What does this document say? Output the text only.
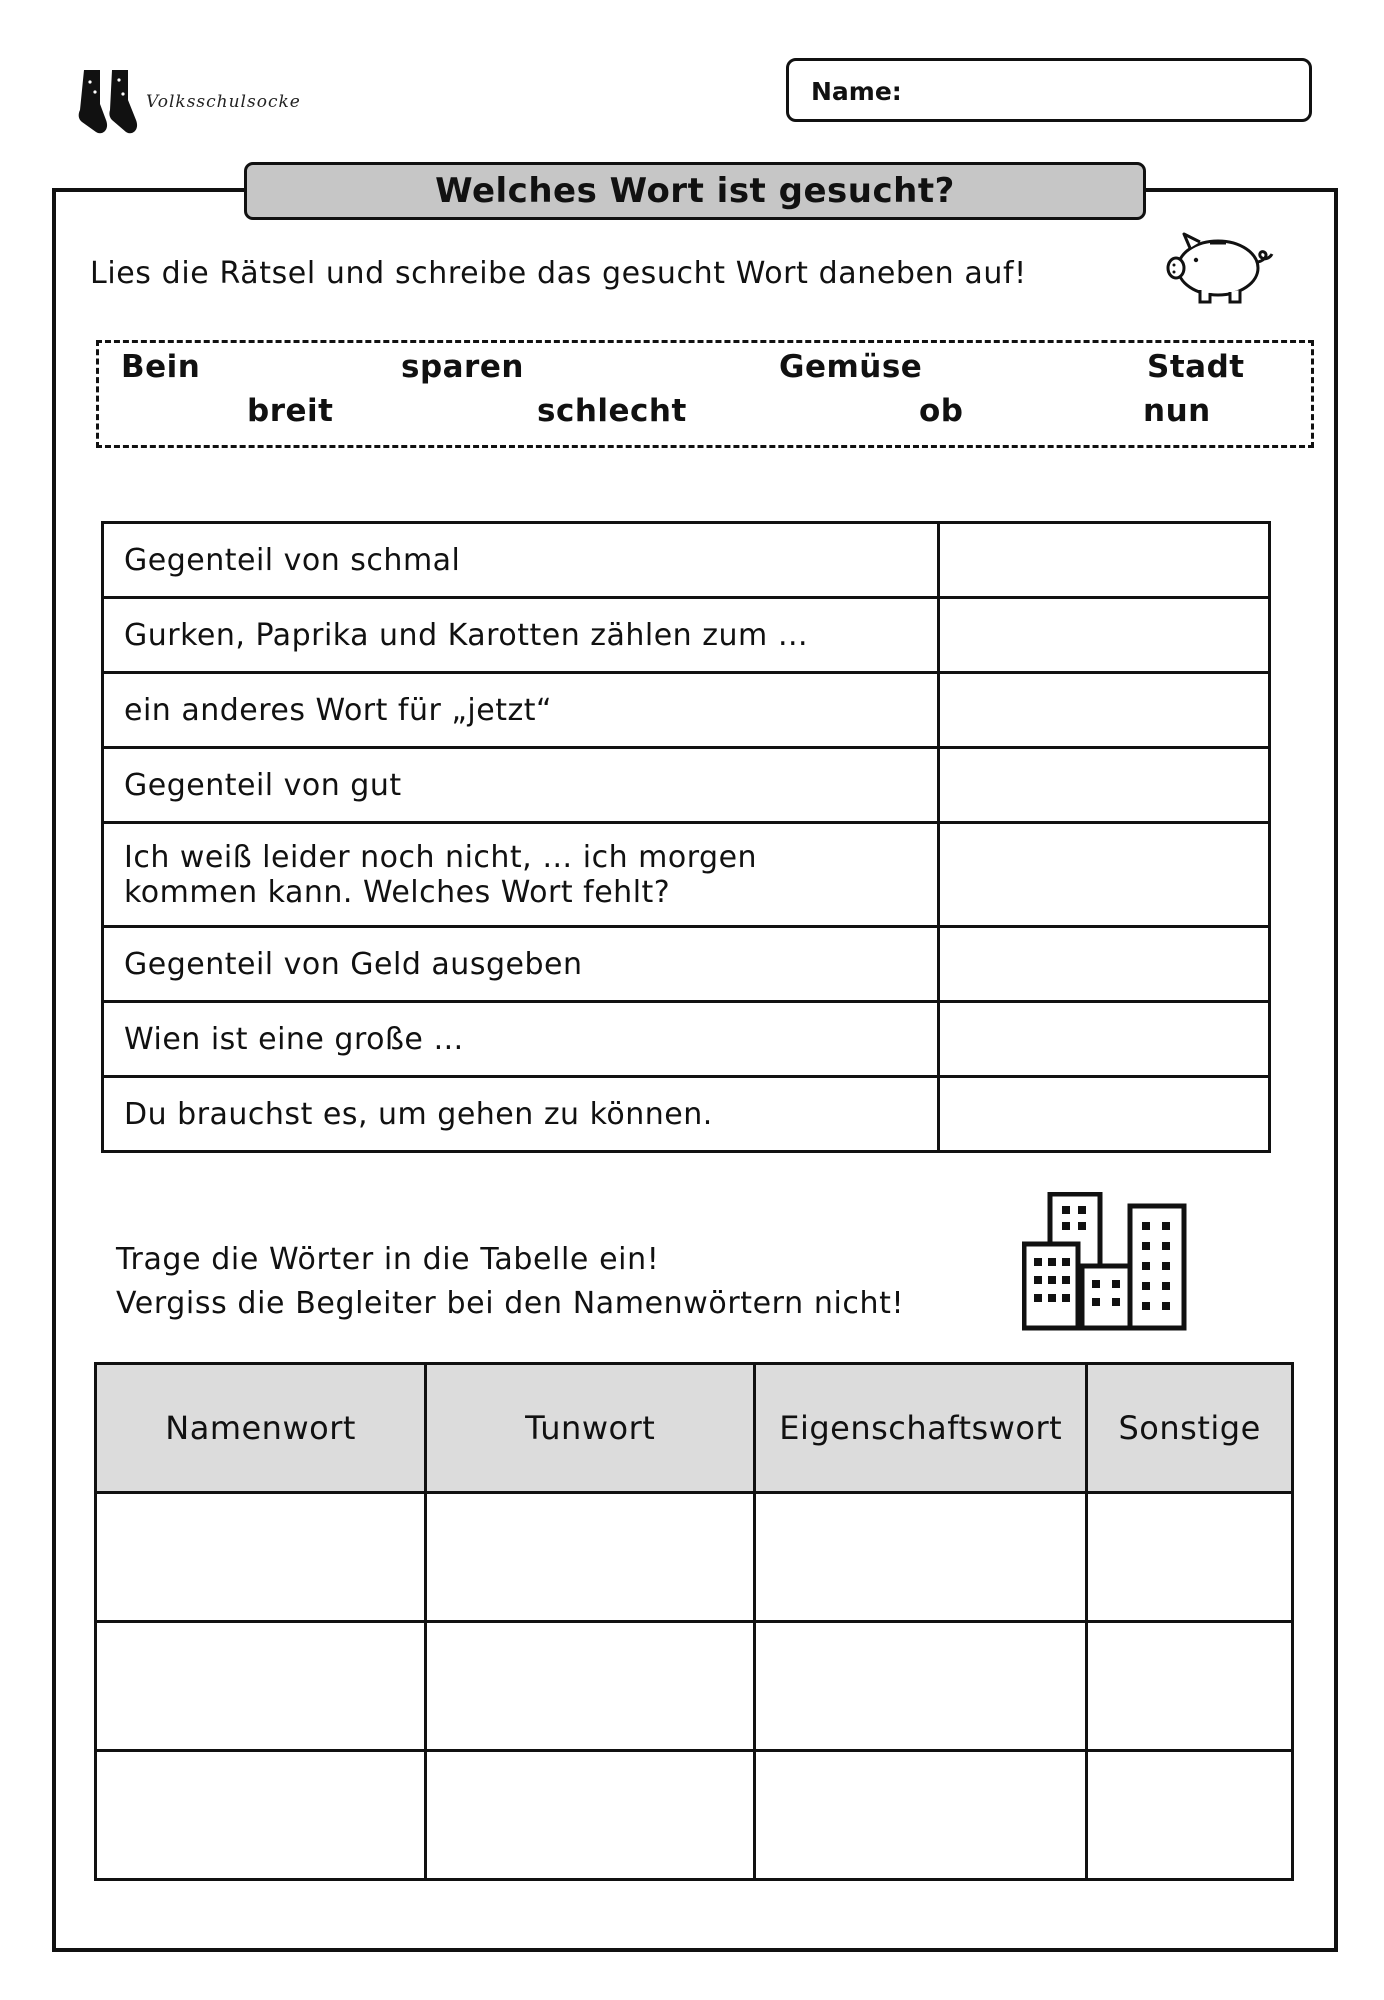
Volksschulsocke	Name:
Welches Wort ist gesucht?
Lies die Rätsel und schreibe das gesucht Wort daneben auf!
Bein	sparen	Gemüse	Stadt
breit	schlecht	ob	nun
Gegenteil von schmal	
Gurken, Paprika und Karotten zählen zum …	
ein anderes Wort für „jetzt“	
Gegenteil von gut	

Ich weiß leider noch nicht, … ich morgen
kommen kann. Welches Wort fehlt?	

Gegenteil von Geld ausgeben	
Wien ist eine große …	
Du brauchst es, um gehen zu können.	
Trage die Wörter in die Tabelle ein!
Vergiss die Begleiter bei den Namenwörtern nicht!
Namenwort	Tunwort	Eigenschaftswort	Sonstige
